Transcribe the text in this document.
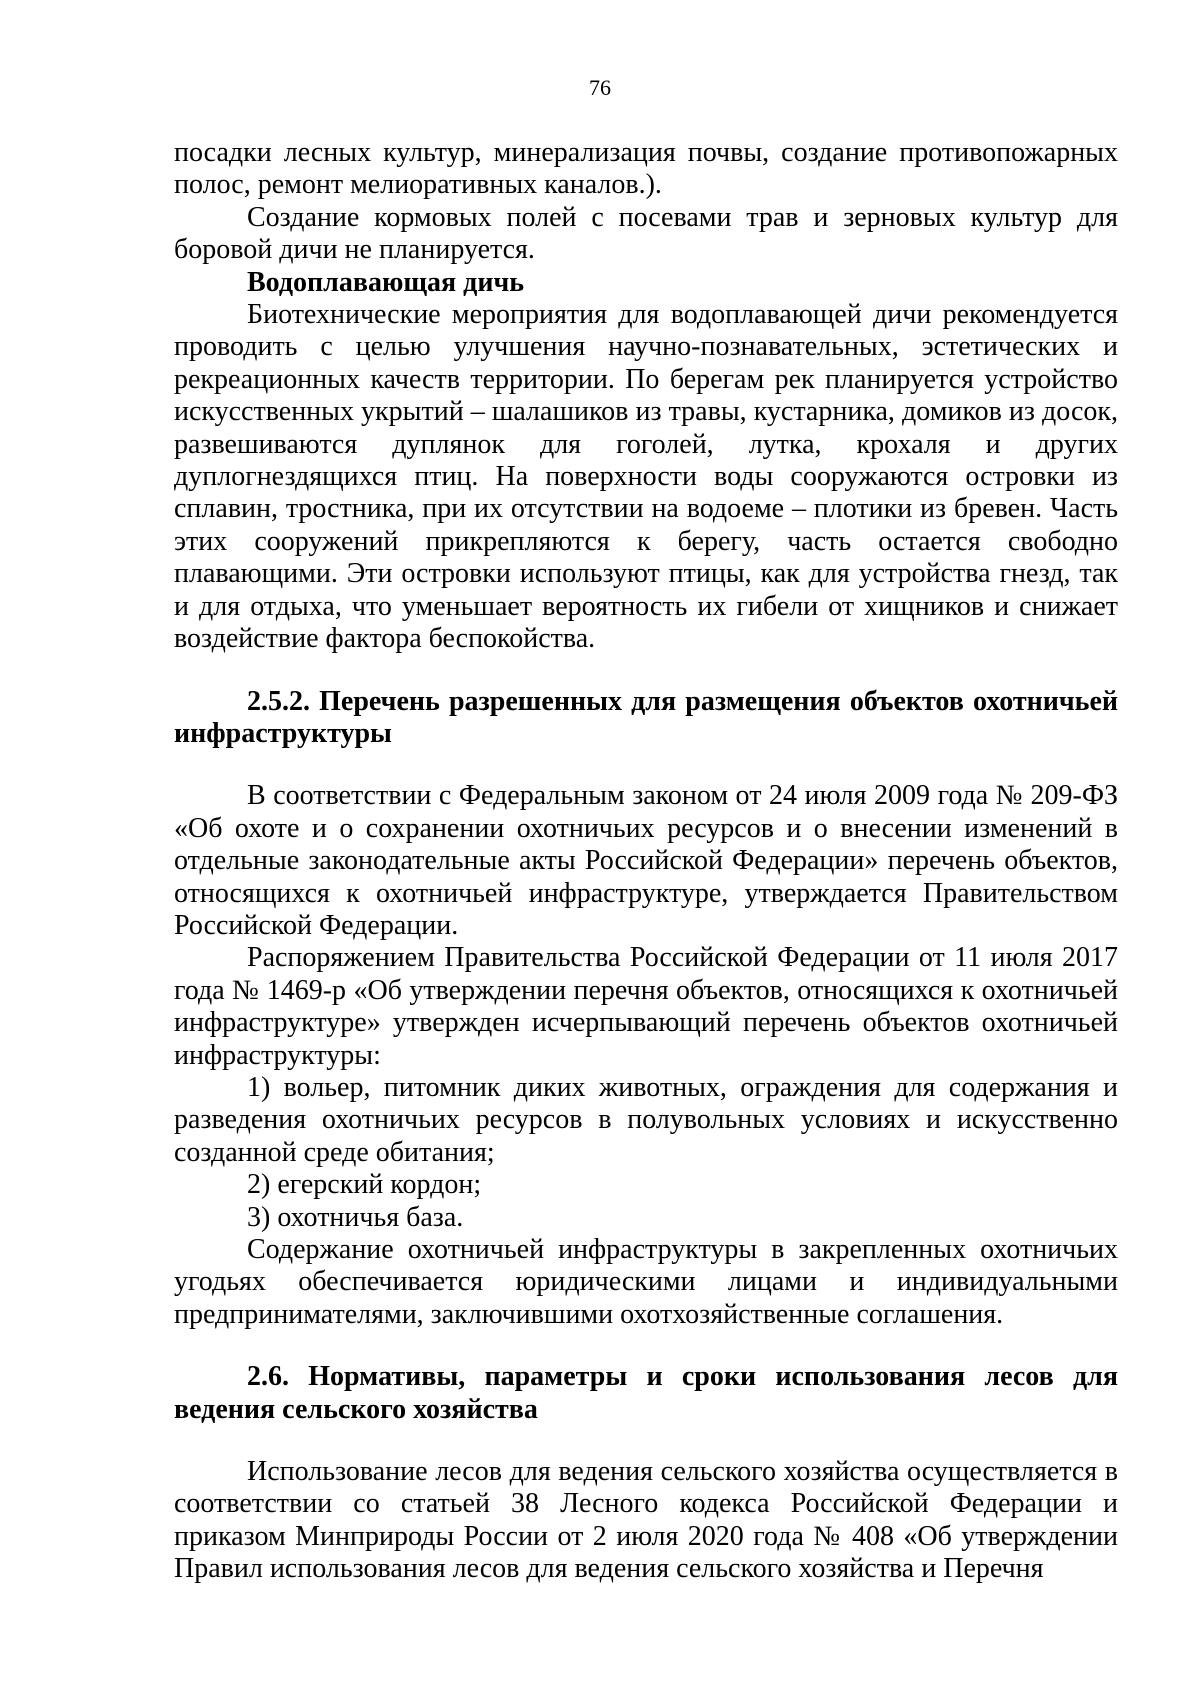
76

посадки лесных культур, минерализация почвы, создание противопожарных полос, ремонт мелиоративных каналов.).

Создание кормовых полей с посевами трав и зерновых культур для боровой дичи не планируется.

Водоплавающая дичь

Биотехнические мероприятия для водоплавающей дичи рекомендуется проводить с целью улучшения научно-познавательных, эстетических и рекреационных качеств территории. По берегам рек планируется устройство искусственных укрытий – шалашиков из травы, кустарника, домиков из досок, развешиваются дуплянок для гоголей, лутка, крохаля и других дуплогнездящихся птиц. На поверхности воды сооружаются островки из сплавин, тростника, при их отсутствии на водоеме – плотики из бревен. Часть этих сооружений прикрепляются к берегу, часть остается свободно плавающими. Эти островки используют птицы, как для устройства гнезд, так и для отдыха, что уменьшает вероятность их гибели от хищников и снижает воздействие фактора беспокойства.

2.5.2. Перечень разрешенных для размещения объектов охотничьей инфраструктуры

В соответствии с Федеральным законом от 24 июля 2009 года № 209-ФЗ «Об охоте и о сохранении охотничьих ресурсов и о внесении изменений в отдельные законодательные акты Российской Федерации» перечень объектов, относящихся к охотничьей инфраструктуре, утверждается Правительством Российской Федерации.

Распоряжением Правительства Российской Федерации от 11 июля 2017 года № 1469-р «Об утверждении перечня объектов, относящихся к охотничьей инфраструктуре» утвержден исчерпывающий перечень объектов охотничьей инфраструктуры:

1) вольер, питомник диких животных, ограждения для содержания и разведения охотничьих ресурсов в полувольных условиях и искусственно созданной среде обитания;

2) егерский кордон;

3) охотничья база.

Содержание охотничьей инфраструктуры в закрепленных охотничьих угодьях обеспечивается юридическими лицами и индивидуальными предпринимателями, заключившими охотхозяйственные соглашения.

2.6. Нормативы, параметры и сроки использования лесов для ведения сельского хозяйства

Использование лесов для ведения сельского хозяйства осуществляется в соответствии со статьей 38 Лесного кодекса Российской Федерации и приказом Минприроды России от 2 июля 2020 года № 408 «Об утверждении Правил использования лесов для ведения сельского хозяйства и Перечня
